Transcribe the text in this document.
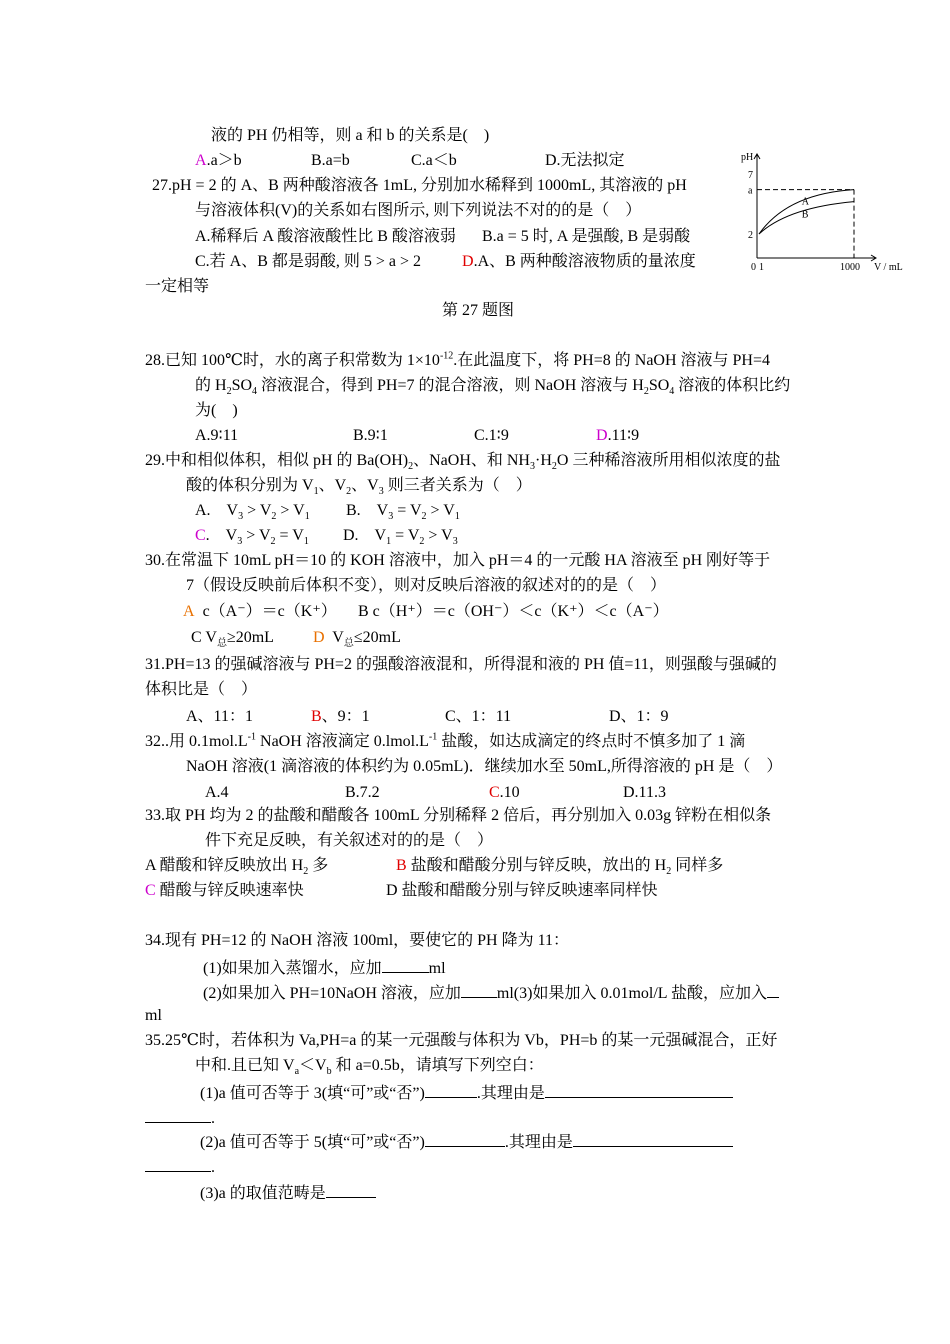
液的 PH 仍相等，则 a 和 b 的关系是(　)
A.a＞b	B.a=b	C.a＜b	D.无法拟定
27.pH = 2 的 A、B 两种酸溶液各 1mL, 分别加水稀释到 1000mL, 其溶液的 pH
与溶液体积(V)的关系如右图所示, 则下列说法不对的的是（　）
A.稀释后 A 酸溶液酸性比 B 酸溶液弱 B.a = 5 时, A 是强酸, B 是弱酸
C.若 A、B 都是弱酸, 则 5 > a > 2	D.A、B 两种酸溶液物质的量浓度
一定相等
第 27 题图
pH
V / mL
7
a
2
0 1	1000
A
B
28.已知 100℃时，水的离子积常数为 $1\times 10^{-12}$.在此温度下，将 PH=8 的 NaOH 溶液与 PH=4
的 $H_2SO_4$ 溶液混合，得到 PH=7 的混合溶液，则 NaOH 溶液与 $H_2SO_4$ 溶液的体积比约
为(　)
A.9∶11	B.9∶1	C.1∶9	D.11∶9
29.中和相似体积，相似 pH 的 $Ba(OH)_2$、NaOH、和 $NH_3\cdot H_2O$ 三种稀溶液所用相似浓度的盐
酸的体积分别为 $V_1$、$V_2$、$V_3$ 则三者关系为（　）
A.　$V_3 > V_2 > V_1$ B.　$V_3 = V_2 > V_1$
C.　$V_3 > V_2 = V_1$ D.　$V_1 = V_2 > V_3$
30.在常温下 10mL pH＝10 的 KOH 溶液中，加入 pH＝4 的一元酸 HA 溶液至 pH 刚好等于
7（假设反映前后体积不变），则对反映后溶液的叙述对的的是（　）
A c（A⁻）＝c（K⁺） B c（H⁺）＝c（OH⁻）＜c（K⁺）＜c（A⁻）
C $V_总\ge 20mL$ D $V_总\le 20mL$
31.PH=13 的强碱溶液与 PH=2 的强酸溶液混和，所得混和液的 PH 值=11，则强酸与强碱的
体积比是（　）
A、11：1	B、9：1	C、1：11	D、1：9
32..用 $0.1mol.L^{-1}$ NaOH 溶液滴定 $0.lmol.L^{-1}$ 盐酸，如达成滴定的终点时不慎多加了 1 滴
NaOH 溶液(1 滴溶液的体积约为 0.05mL)．继续加水至 50mL,所得溶液的 pH 是（　）
A.4	B.7.2	C.10	D.11.3
33.取 PH 均为 2 的盐酸和醋酸各 100mL 分别稀释 2 倍后，再分别加入 0.03g 锌粉在相似条
件下充足反映，有关叙述对的的是（　）
A 醋酸和锌反映放出 $H_2$ 多	B 盐酸和醋酸分别与锌反映，放出的 $H_2$ 同样多
C 醋酸与锌反映速率快	D 盐酸和醋酸分别与锌反映速率同样快
34.现有 PH=12 的 NaOH 溶液 100ml，要使它的 PH 降为 11：
(1)如果加入蒸馏水，应加	ml
(2)如果加入 PH=10NaOH 溶液，应加 ml(3)如果加入 0.01mol/L 盐酸，应加入
ml
35.25℃时，若体积为 Va,PH=a 的某一元强酸与体积为 Vb，PH=b 的某一元强碱混合，正好
中和.且已知 $V_a<V_b$ 和 a=0.5b，请填写下列空白：
(1)a 值可否等于 3(填“可”或“否”)	.其理由是
.
(2)a 值可否等于 5(填“可”或“否”)	.其理由是
.
(3)a 的取值范畴是
